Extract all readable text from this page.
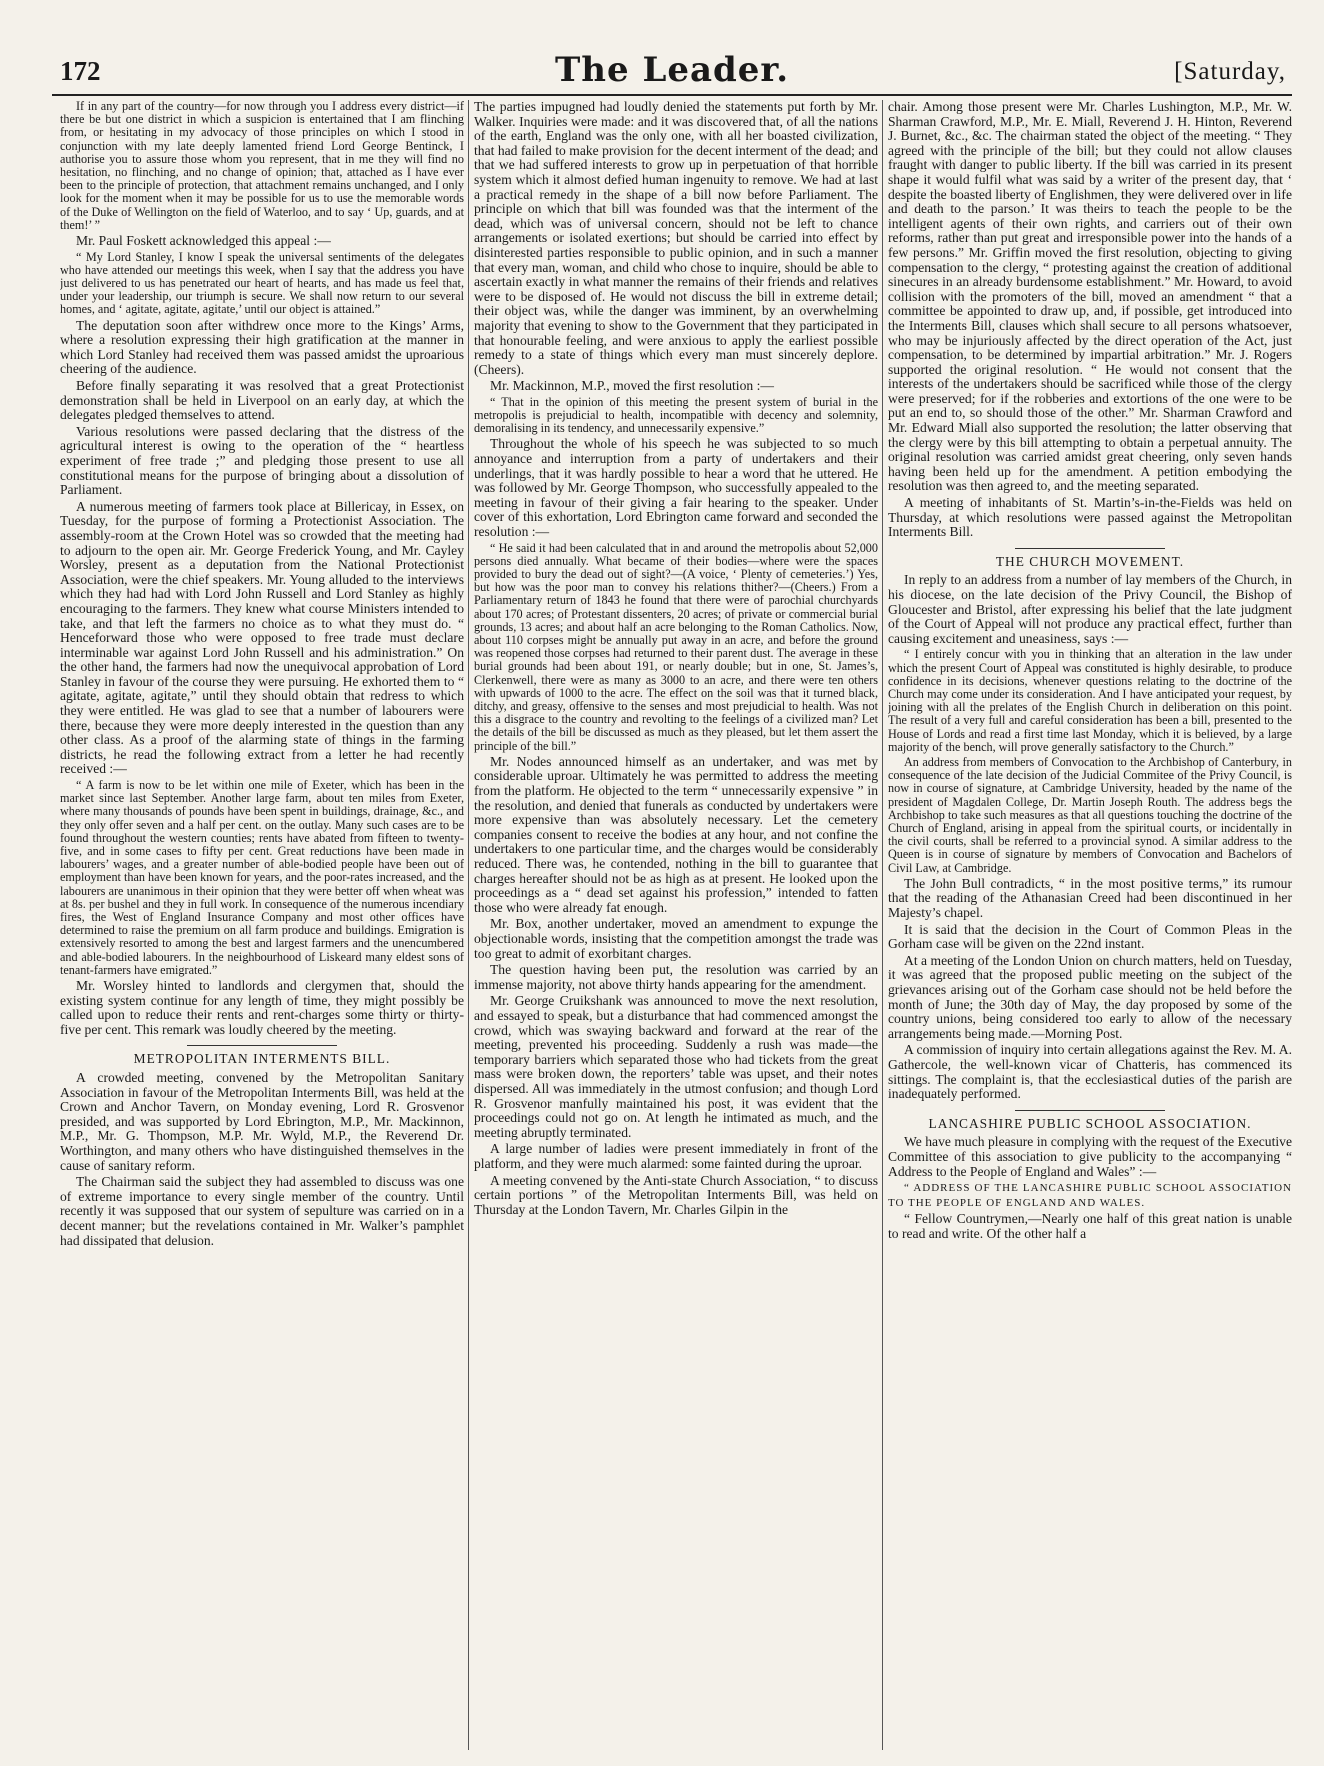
172	The Leader.	[Saturday,

If in any part of the country—for now through you I address every district—if there be but one district in which a suspicion is entertained that I am flinching from, or hesitating in my advocacy of those principles on which I stood in conjunction with my late deeply lamented friend Lord George Bentinck, I authorise you to assure those whom you represent, that in me they will find no hesitation, no flinching, and no change of opinion; that, attached as I have ever been to the principle of protection, that attachment remains unchanged, and I only look for the moment when it may be possible for us to use the memorable words of the Duke of Wellington on the field of Waterloo, and to say ‘ Up, guards, and at them!’ ”

Mr. Paul Foskett acknowledged this appeal :—

“ My Lord Stanley, I know I speak the universal sentiments of the delegates who have attended our meetings this week, when I say that the address you have just delivered to us has penetrated our heart of hearts, and has made us feel that, under your leadership, our triumph is secure. We shall now return to our several homes, and ‘ agitate, agitate, agitate,’ until our object is attained.”

The deputation soon after withdrew once more to the Kings’ Arms, where a resolution expressing their high gratification at the manner in which Lord Stanley had received them was passed amidst the uproarious cheering of the audience.

Before finally separating it was resolved that a great Protectionist demonstration shall be held in Liverpool on an early day, at which the delegates pledged themselves to attend.

Various resolutions were passed declaring that the distress of the agricultural interest is owing to the operation of the “ heartless experiment of free trade ;” and pledging those present to use all constitutional means for the purpose of bringing about a dissolution of Parliament.

A numerous meeting of farmers took place at Billericay, in Essex, on Tuesday, for the purpose of forming a Protectionist Association. The assembly-room at the Crown Hotel was so crowded that the meeting had to adjourn to the open air. Mr. George Frederick Young, and Mr. Cayley Worsley, present as a deputation from the National Protectionist Association, were the chief speakers. Mr. Young alluded to the interviews which they had had with Lord John Russell and Lord Stanley as highly encouraging to the farmers. They knew what course Ministers intended to take, and that left the farmers no choice as to what they must do. “ Henceforward those who were opposed to free trade must declare interminable war against Lord John Russell and his administration.” On the other hand, the farmers had now the unequivocal approbation of Lord Stanley in favour of the course they were pursuing. He exhorted them to “ agitate, agitate, agitate,” until they should obtain that redress to which they were entitled. He was glad to see that a number of labourers were there, because they were more deeply interested in the question than any other class. As a proof of the alarming state of things in the farming districts, he read the following extract from a letter he had recently received :—

“ A farm is now to be let within one mile of Exeter, which has been in the market since last September. Another large farm, about ten miles from Exeter, where many thousands of pounds have been spent in buildings, drainage, &c., and they only offer seven and a half per cent. on the outlay. Many such cases are to be found throughout the western counties; rents have abated from fifteen to twenty-five, and in some cases to fifty per cent. Great reductions have been made in labourers’ wages, and a greater number of able-bodied people have been out of employment than have been known for years, and the poor-rates increased, and the labourers are unanimous in their opinion that they were better off when wheat was at 8s. per bushel and they in full work. In consequence of the numerous incendiary fires, the West of England Insurance Company and most other offices have determined to raise the premium on all farm produce and buildings. Emigration is extensively resorted to among the best and largest farmers and the unencumbered and able-bodied labourers. In the neighbourhood of Liskeard many eldest sons of tenant-farmers have emigrated.”

Mr. Worsley hinted to landlords and clergymen that, should the existing system continue for any length of time, they might possibly be called upon to reduce their rents and rent-charges some thirty or thirty-five per cent. This remark was loudly cheered by the meeting.

METROPOLITAN INTERMENTS BILL.

A crowded meeting, convened by the Metropolitan Sanitary Association in favour of the Metropolitan Interments Bill, was held at the Crown and Anchor Tavern, on Monday evening, Lord R. Grosvenor presided, and was supported by Lord Ebrington, M.P., Mr. Mackinnon, M.P., Mr. G. Thompson, M.P. Mr. Wyld, M.P., the Reverend Dr. Worthington, and many others who have distinguished themselves in the cause of sanitary reform.

The Chairman said the subject they had assembled to discuss was one of extreme importance to every single member of the country. Until recently it was supposed that our system of sepulture was carried on in a decent manner; but the revelations contained in Mr. Walker’s pamphlet had dissipated that delusion.

The parties impugned had loudly denied the statements put forth by Mr. Walker. Inquiries were made: and it was discovered that, of all the nations of the earth, England was the only one, with all her boasted civilization, that had failed to make provision for the decent interment of the dead; and that we had suffered interests to grow up in perpetuation of that horrible system which it almost defied human ingenuity to remove. We had at last a practical remedy in the shape of a bill now before Parliament. The principle on which that bill was founded was that the interment of the dead, which was of universal concern, should not be left to chance arrangements or isolated exertions; but should be carried into effect by disinterested parties responsible to public opinion, and in such a manner that every man, woman, and child who chose to inquire, should be able to ascertain exactly in what manner the remains of their friends and relatives were to be disposed of. He would not discuss the bill in extreme detail; their object was, while the danger was imminent, by an overwhelming majority that evening to show to the Government that they participated in that honourable feeling, and were anxious to apply the earliest possible remedy to a state of things which every man must sincerely deplore. (Cheers).

Mr. Mackinnon, M.P., moved the first resolution :—

“ That in the opinion of this meeting the present system of burial in the metropolis is prejudicial to health, incompatible with decency and solemnity, demoralising in its tendency, and unnecessarily expensive.”

Throughout the whole of his speech he was subjected to so much annoyance and interruption from a party of undertakers and their underlings, that it was hardly possible to hear a word that he uttered. He was followed by Mr. George Thompson, who successfully appealed to the meeting in favour of their giving a fair hearing to the speaker. Under cover of this exhortation, Lord Ebrington came forward and seconded the resolution :—

“ He said it had been calculated that in and around the metropolis about 52,000 persons died annually. What became of their bodies—where were the spaces provided to bury the dead out of sight?—(A voice, ‘ Plenty of cemeteries.’) Yes, but how was the poor man to convey his relations thither?—(Cheers.) From a Parliamentary return of 1843 he found that there were of parochial churchyards about 170 acres; of Protestant dissenters, 20 acres; of private or commercial burial grounds, 13 acres; and about half an acre belonging to the Roman Catholics. Now, about 110 corpses might be annually put away in an acre, and before the ground was reopened those corpses had returned to their parent dust. The average in these burial grounds had been about 191, or nearly double; but in one, St. James’s, Clerkenwell, there were as many as 3000 to an acre, and there were ten others with upwards of 1000 to the acre. The effect on the soil was that it turned black, ditchy, and greasy, offensive to the senses and most prejudicial to health. Was not this a disgrace to the country and revolting to the feelings of a civilized man? Let the details of the bill be discussed as much as they pleased, but let them assert the principle of the bill.”

Mr. Nodes announced himself as an undertaker, and was met by considerable uproar. Ultimately he was permitted to address the meeting from the platform. He objected to the term “ unnecessarily expensive ” in the resolution, and denied that funerals as conducted by undertakers were more expensive than was absolutely necessary. Let the cemetery companies consent to receive the bodies at any hour, and not confine the undertakers to one particular time, and the charges would be considerably reduced. There was, he contended, nothing in the bill to guarantee that charges hereafter should not be as high as at present. He looked upon the proceedings as a “ dead set against his profession,” intended to fatten those who were already fat enough.

Mr. Box, another undertaker, moved an amendment to expunge the objectionable words, insisting that the competition amongst the trade was too great to admit of exorbitant charges.

The question having been put, the resolution was carried by an immense majority, not above thirty hands appearing for the amendment.

Mr. George Cruikshank was announced to move the next resolution, and essayed to speak, but a disturbance that had commenced amongst the crowd, which was swaying backward and forward at the rear of the meeting, prevented his proceeding. Suddenly a rush was made—the temporary barriers which separated those who had tickets from the great mass were broken down, the reporters’ table was upset, and their notes dispersed. All was immediately in the utmost confusion; and though Lord R. Grosvenor manfully maintained his post, it was evident that the proceedings could not go on. At length he intimated as much, and the meeting abruptly terminated.

A large number of ladies were present immediately in front of the platform, and they were much alarmed: some fainted during the uproar.

A meeting convened by the Anti-state Church Association, “ to discuss certain portions ” of the Metropolitan Interments Bill, was held on Thursday at the London Tavern, Mr. Charles Gilpin in the

chair. Among those present were Mr. Charles Lushington, M.P., Mr. W. Sharman Crawford, M.P., Mr. E. Miall, Reverend J. H. Hinton, Reverend J. Burnet, &c., &c. The chairman stated the object of the meeting. “ They agreed with the principle of the bill; but they could not allow clauses fraught with danger to public liberty. If the bill was carried in its present shape it would fulfil what was said by a writer of the present day, that ‘ despite the boasted liberty of Englishmen, they were delivered over in life and death to the parson.’ It was theirs to teach the people to be the intelligent agents of their own rights, and carriers out of their own reforms, rather than put great and irresponsible power into the hands of a few persons.” Mr. Griffin moved the first resolution, objecting to giving compensation to the clergy, “ protesting against the creation of additional sinecures in an already burdensome establishment.” Mr. Howard, to avoid collision with the promoters of the bill, moved an amendment “ that a committee be appointed to draw up, and, if possible, get introduced into the Interments Bill, clauses which shall secure to all persons whatsoever, who may be injuriously affected by the direct operation of the Act, just compensation, to be determined by impartial arbitration.” Mr. J. Rogers supported the original resolution. “ He would not consent that the interests of the undertakers should be sacrificed while those of the clergy were preserved; for if the robberies and extortions of the one were to be put an end to, so should those of the other.” Mr. Sharman Crawford and Mr. Edward Miall also supported the resolution; the latter observing that the clergy were by this bill attempting to obtain a perpetual annuity. The original resolution was carried amidst great cheering, only seven hands having been held up for the amendment. A petition embodying the resolution was then agreed to, and the meeting separated.

A meeting of inhabitants of St. Martin’s-in-the-Fields was held on Thursday, at which resolutions were passed against the Metropolitan Interments Bill.

THE CHURCH MOVEMENT.

In reply to an address from a number of lay members of the Church, in his diocese, on the late decision of the Privy Council, the Bishop of Gloucester and Bristol, after expressing his belief that the late judgment of the Court of Appeal will not produce any practical effect, further than causing excitement and uneasiness, says :—

“ I entirely concur with you in thinking that an alteration in the law under which the present Court of Appeal was constituted is highly desirable, to produce confidence in its decisions, whenever questions relating to the doctrine of the Church may come under its consideration. And I have anticipated your request, by joining with all the prelates of the English Church in deliberation on this point. The result of a very full and careful consideration has been a bill, presented to the House of Lords and read a first time last Monday, which it is believed, by a large majority of the bench, will prove generally satisfactory to the Church.”

An address from members of Convocation to the Archbishop of Canterbury, in consequence of the late decision of the Judicial Commitee of the Privy Council, is now in course of signature, at Cambridge University, headed by the name of the president of Magdalen College, Dr. Martin Joseph Routh. The address begs the Archbishop to take such measures as that all questions touching the doctrine of the Church of England, arising in appeal from the spiritual courts, or incidentally in the civil courts, shall be referred to a provincial synod. A similar address to the Queen is in course of signature by members of Convocation and Bachelors of Civil Law, at Cambridge.

The John Bull contradicts, “ in the most positive terms,” its rumour that the reading of the Athanasian Creed had been discontinued in her Majesty’s chapel.

It is said that the decision in the Court of Common Pleas in the Gorham case will be given on the 22nd instant.

At a meeting of the London Union on church matters, held on Tuesday, it was agreed that the proposed public meeting on the subject of the grievances arising out of the Gorham case should not be held before the month of June; the 30th day of May, the day proposed by some of the country unions, being considered too early to allow of the necessary arrangements being made.—Morning Post.

A commission of inquiry into certain allegations against the Rev. M. A. Gathercole, the well-known vicar of Chatteris, has commenced its sittings. The complaint is, that the ecclesiastical duties of the parish are inadequately performed.

LANCASHIRE PUBLIC SCHOOL ASSOCIATION.

We have much pleasure in complying with the request of the Executive Committee of this association to give publicity to the accompanying “ Address to the People of England and Wales” :—

“ ADDRESS OF THE LANCASHIRE PUBLIC SCHOOL ASSOCIATION TO THE PEOPLE OF ENGLAND AND WALES.

“ Fellow Countrymen,—Nearly one half of this great nation is unable to read and write. Of the other half a
